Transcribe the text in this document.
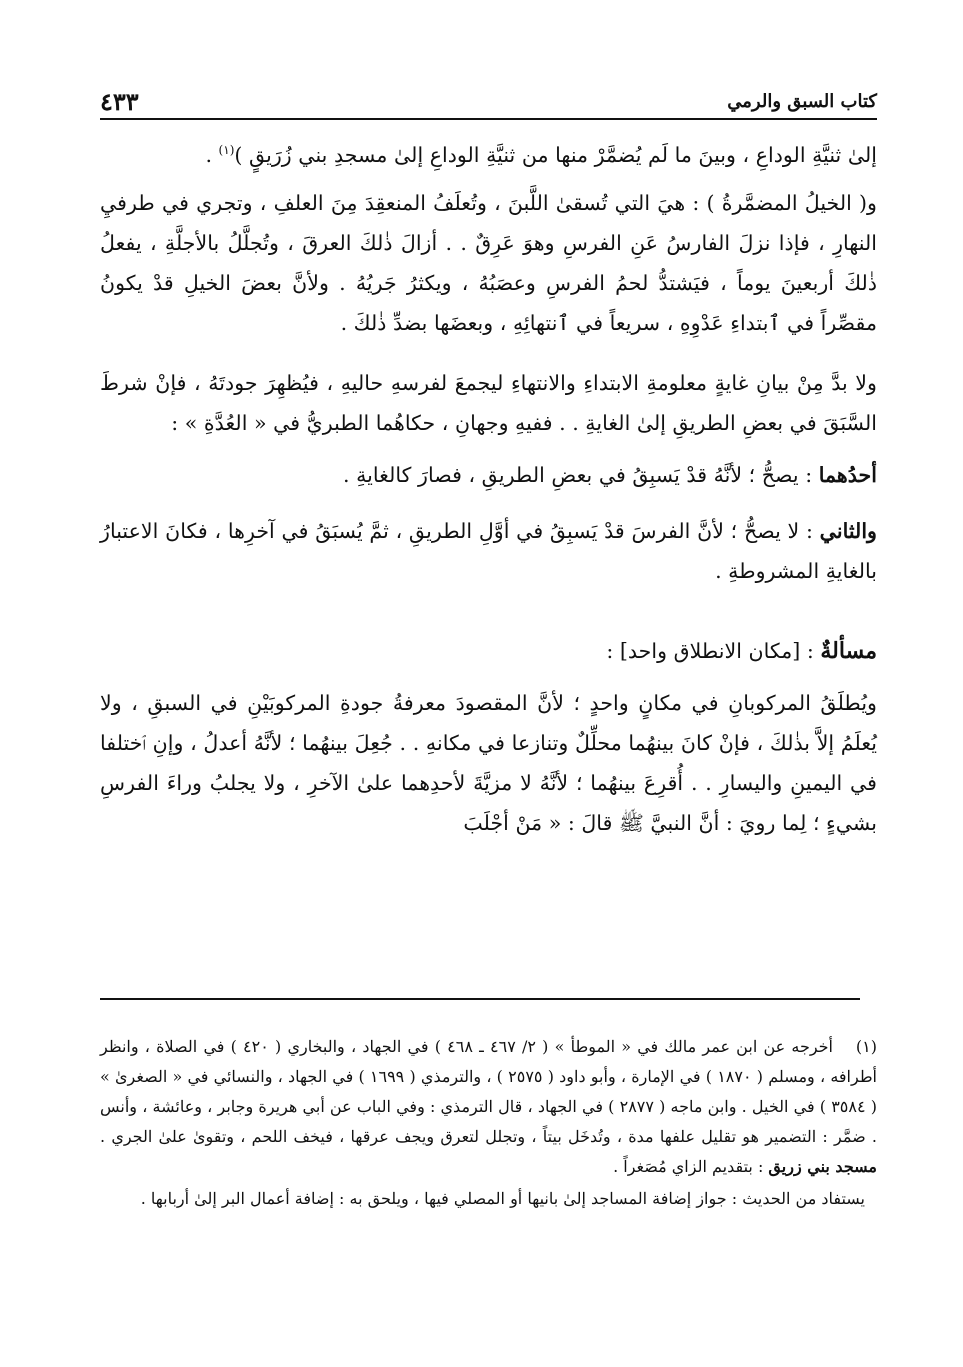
كتاب السبق والرمي
٤٣٣

إلىٰ ثنيَّةِ الوداعِ ، وبينَ ما لَم يُضمَّرْ منها من ثنيَّةِ الوداعِ إلىٰ مسجدِ بني زُرَيقٍ )$^{(١)}$ .

و( الخيلُ المضمَّرةُ ) : هيَ التي تُسقىٰ اللَّبنَ ، وتُعلَفُ المنعقِدَ مِنَ العلفِ ، وتجري في طرفيِ النهارِ ، فإذا نزلَ الفارسُ عَنِ الفرسِ وهوَ عَرِقٌ . . أزالَ ذٰلكَ العرقَ ، وتُجلَّلُ بالأجلَّةِ ، يفعلُ ذٰلكَ أربعينَ يوماً ، فيَشتدُّ لحمُ الفرسِ وعصَبُهُ ، ويكثرُ جَريُهُ . ولأنَّ بعضَ الخيلِ قدْ يكونُ مقصِّراً في ٱبتداءِ عَدْوِهِ ، سريعاً في ٱنتهائِهِ ، وبعضَها بضدِّ ذٰلكَ .

ولا بدَّ مِنْ بيانِ غايةٍ معلومةِ الابتداءِ والانتهاءِ ليجمعَ لفرسهِ حاليهِ ، فيُظهِرَ جودتَهُ ، فإنْ شرطَ السَّبَقَ في بعضِ الطريقِ إلىٰ الغايةِ . . ففيهِ وجهانِ ، حكاهُما الطبريُّ في « العُدَّةِ » :

أحدُهما : يصحُّ ؛ لأنَّهُ قدْ يَسبِقُ في بعضِ الطريقِ ، فصارَ كالغايةِ .

والثاني : لا يصحُّ ؛ لأنَّ الفرسَ قدْ يَسبِقُ في أوَّلِ الطريقِ ، ثمَّ يُسبَقُ في آخرِها ، فكانَ الاعتبارُ بالغايةِ المشروطةِ .

مسألةٌ : [مكان الانطلاق واحد] :

ويُطلَقُ المركوبانِ في مكانٍ واحدٍ ؛ لأنَّ المقصودَ معرفةُ جودةِ المركوبَيْنِ في السبقِ ، ولا يُعلَمُ إلاَّ بذٰلكَ ، فإنْ كانَ بينهُما محلِّلٌ وتنازعا في مكانهِ . . جُعِلَ بينهُما ؛ لأنَّهُ أعدلُ ، وإنِ ٱختلفا في اليمينِ واليسارِ . . أُقرِعَ بينهُما ؛ لأنَّهُ لا مزيَّةَ لأحدِهما علىٰ الآخرِ ، ولا يجلبُ وراءَ الفرسِ بشيءٍ ؛ لِما رويَ : أنَّ النبيَّ ﷺ قالَ : « مَنْ أجْلَبَ

(١)أخرجه عن ابن عمر مالك في « الموطأ » ( ٢/ ٤٦٧ ـ ٤٦٨ ) في الجهاد ، والبخاري ( ٤٢٠ ) في الصلاة ، وانظر أطرافه ، ومسلم ( ١٨٧٠ ) في الإمارة ، وأبو داود ( ٢٥٧٥ ) ، والترمذي ( ١٦٩٩ ) في الجهاد ، والنسائي في « الصغرىٰ » ( ٣٥٨٤ ) في الخيل . وابن ماجه ( ٢٨٧٧ ) في الجهاد ، قال الترمذي : وفي الباب عن أبي هريرة وجابر ، وعائشة ، وأنس . ضمَّر : التضمير هو تقليل علفها مدة ، وتُدخَل بيتاً ، وتجلل لتعرق ويجف عرقها ، فيخف اللحم ، وتقوىٰ علىٰ الجري . مسجد بني زريق : بتقديم الزاي مُصَغراً .

يستفاد من الحديث : جواز إضافة المساجد إلىٰ بانيها أو المصلي فيها ، ويلحق به : إضافة أعمال البر إلىٰ أربابها .
